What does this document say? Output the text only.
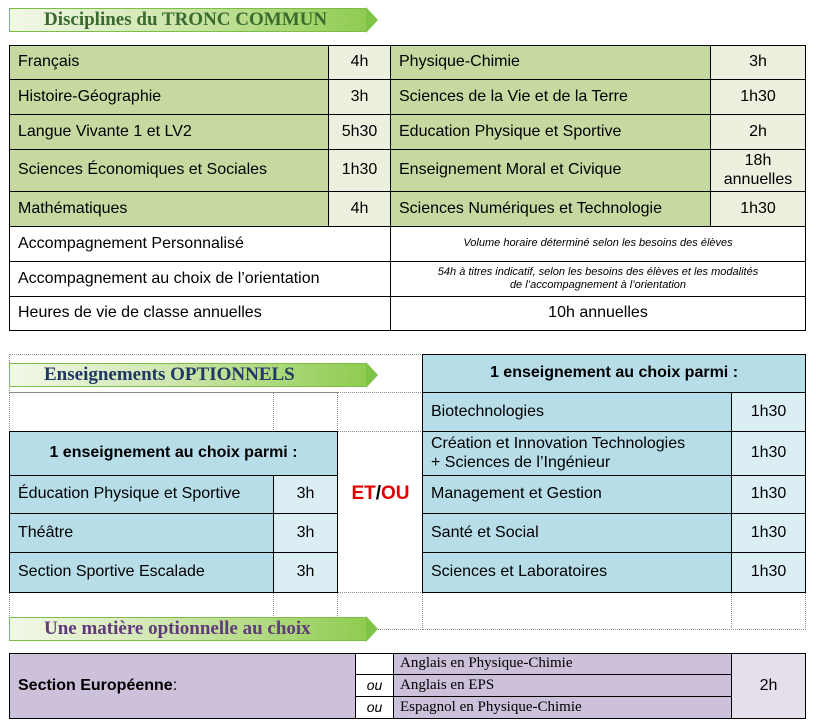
Disciplines du TRONC COMMUN
Français	4h	Physique-Chimie	3h
Histoire-Géographie	3h	Sciences de la Vie et de la Terre	1h30
Langue Vivante 1 et LV2	5h30	Education Physique et Sportive	2h
Sciences Économiques et Sociales	1h30	Enseignement Moral et Civique
18h
annuelles
Mathématiques	4h	Sciences Numériques et Technologie	1h30
Accompagnement Personnalisé	Volume horaire déterminé selon les besoins des élèves
Accompagnement au choix de l’orientation	54h à titres indicatif, selon les besoins des élèves et les modalités
de l’accompagnement à l’orientation
Heures de vie de classe annuelles	10h annuelles
Enseignements OPTIONNELS
1 enseignement au choix parmi :
Éducation Physique et Sportive	3h
Théâtre	3h
Section Sportive Escalade	3h
ET/OU
1 enseignement au choix parmi :
Biotechnologies	1h30
Création et Innovation Technologies
+ Sciences de l’Ingénieur
1h30
Management et Gestion	1h30
Santé et Social	1h30
Sciences et Laboratoires	1h30
Une matière optionnelle au choix
Section Européenne :
Anglais en Physique-Chimie
ou	Anglais en EPS
ou	Espagnol en Physique-Chimie
2h
